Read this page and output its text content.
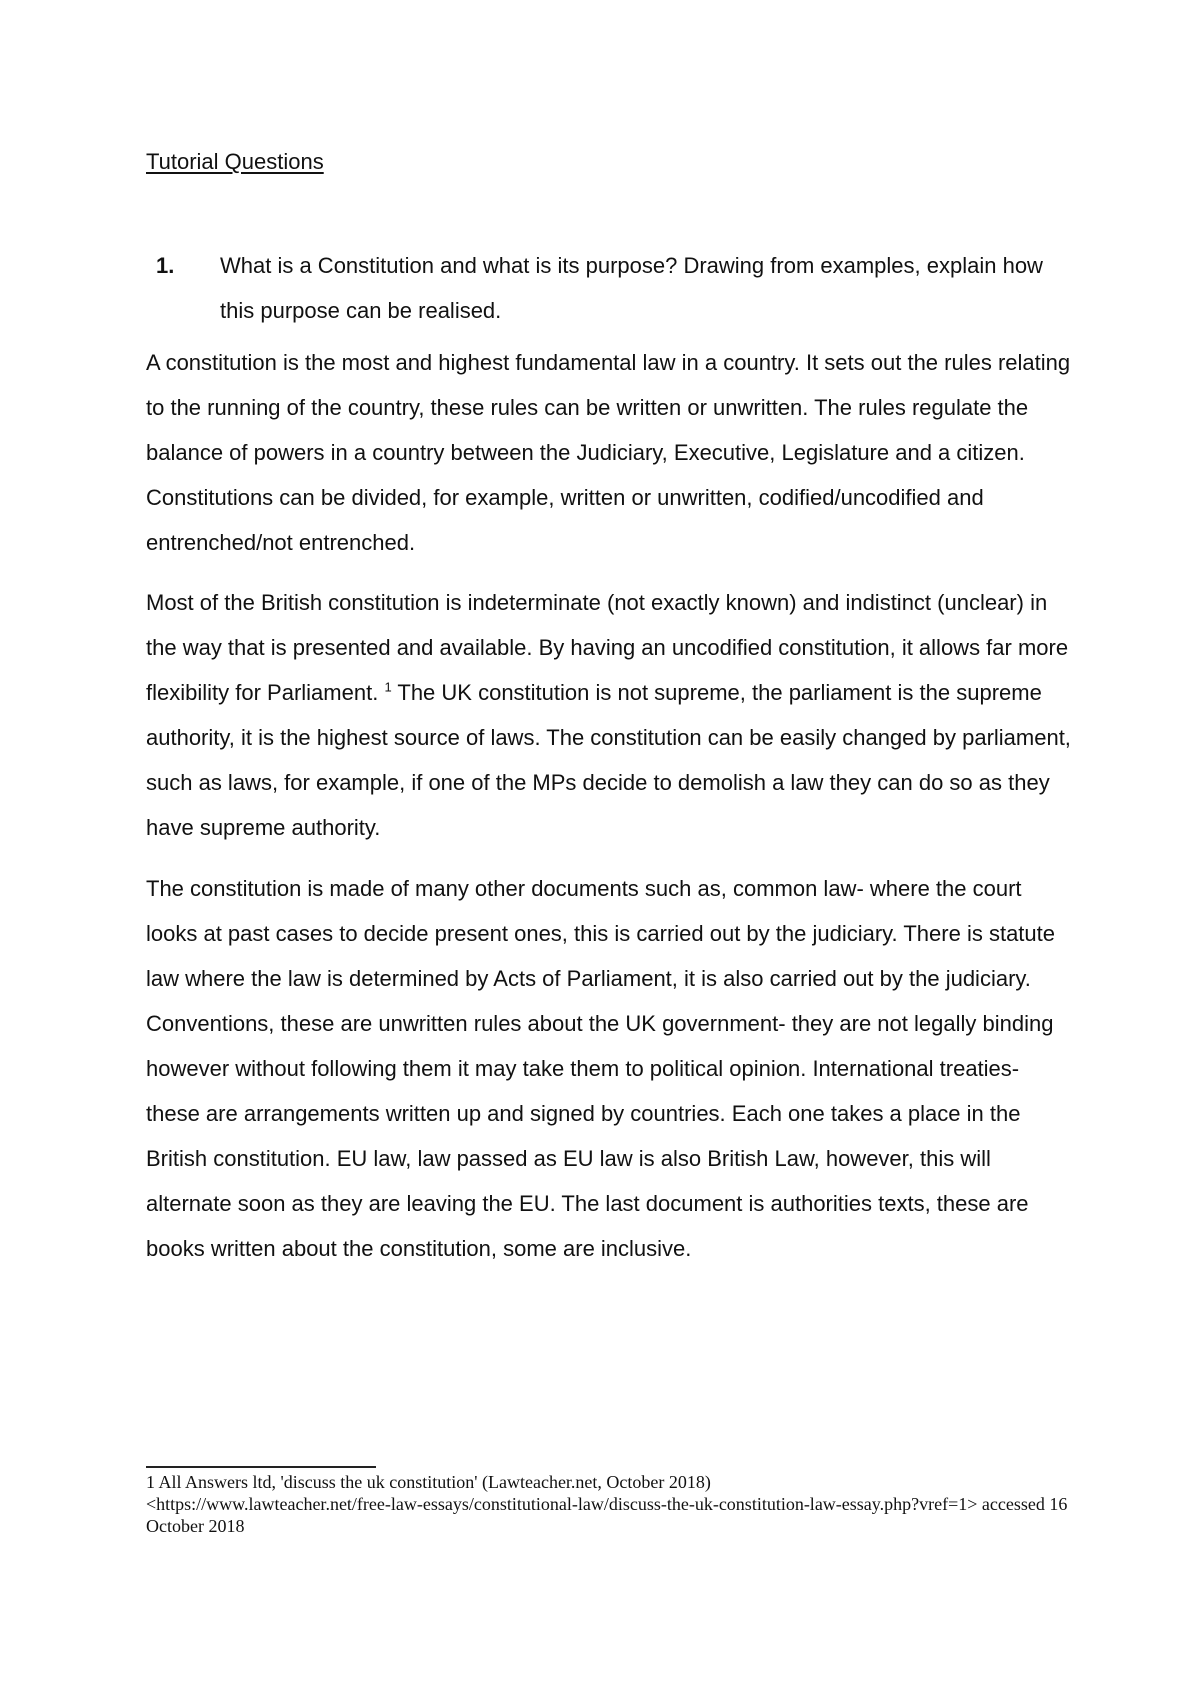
Tutorial Questions
1. What is a Constitution and what is its purpose? Drawing from examples, explain how this purpose can be realised.

A constitution is the most and highest fundamental law in a country. It sets out the rules relating to the running of the country, these rules can be written or unwritten. The rules regulate the balance of powers in a country between the Judiciary, Executive, Legislature and a citizen. Constitutions can be divided, for example, written or unwritten, codified/uncodified and entrenched/not entrenched.

Most of the British constitution is indeterminate (not exactly known) and indistinct (unclear) in the way that is presented and available. By having an uncodified constitution, it allows far more flexibility for Parliament. $^1$ The UK constitution is not supreme, the parliament is the supreme authority, it is the highest source of laws. The constitution can be easily changed by parliament, such as laws, for example, if one of the MPs decide to demolish a law they can do so as they have supreme authority.

The constitution is made of many other documents such as, common law- where the court looks at past cases to decide present ones, this is carried out by the judiciary. There is statute law where the law is determined by Acts of Parliament, it is also carried out by the judiciary. Conventions, these are unwritten rules about the UK government- they are not legally binding however without following them it may take them to political opinion. International treaties- these are arrangements written up and signed by countries. Each one takes a place in the British constitution. EU law, law passed as EU law is also British Law, however, this will alternate soon as they are leaving the EU. The last document is authorities texts, these are books written about the constitution, some are inclusive.

1 All Answers ltd, 'discuss the uk constitution' (Lawteacher.net, October 2018)
<https://www.lawteacher.net/free-law-essays/constitutional-law/discuss-the-uk-constitution-law-essay.php?vref=1> accessed 16 October 2018
